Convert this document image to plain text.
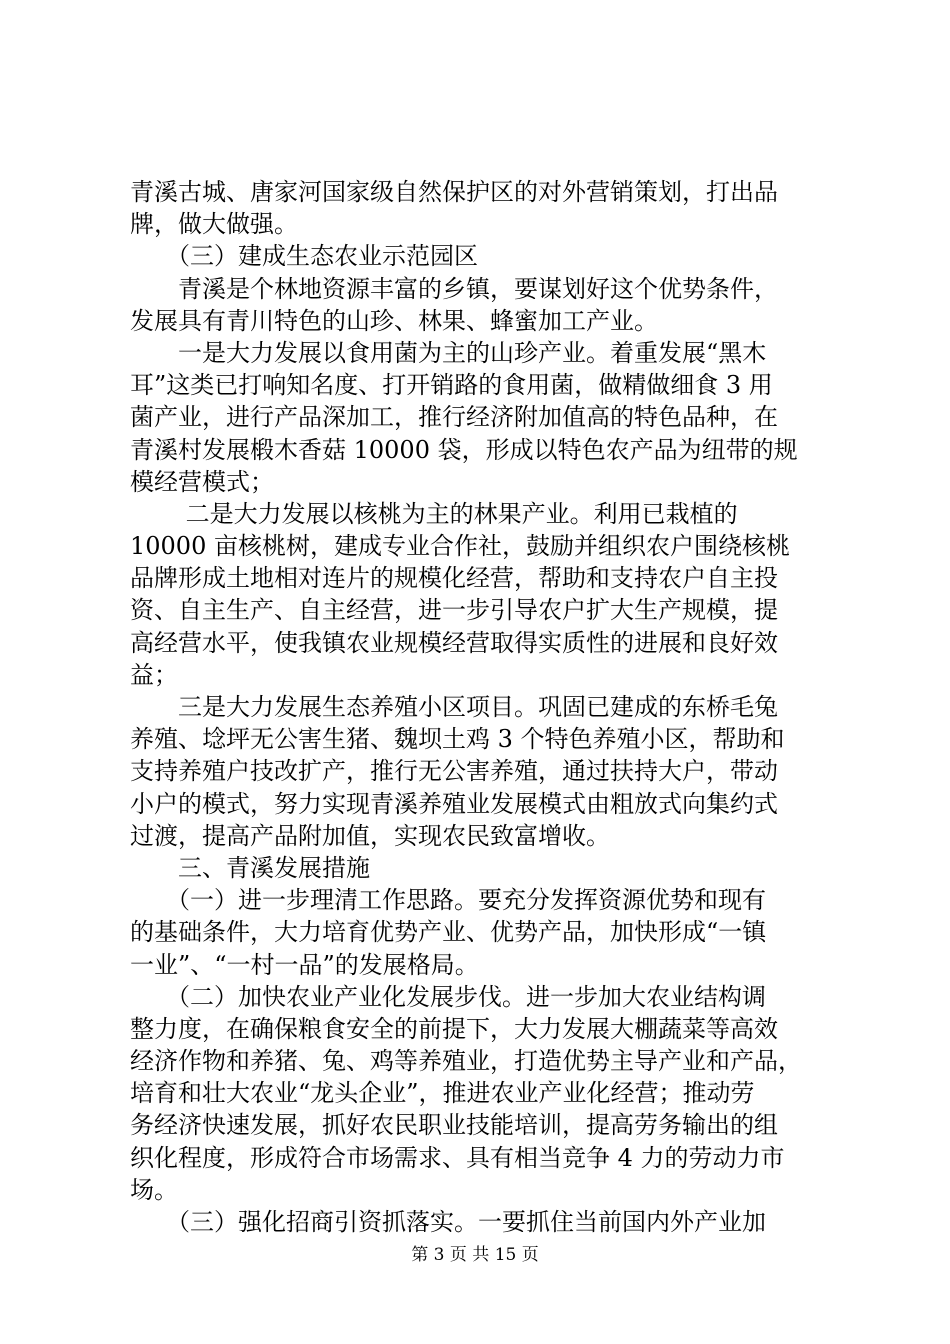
青溪古城、唐家河国家级自然保护区的对外营销策划，打出品
牌，做大做强。
　　（三）建成生态农业示范园区
　　青溪是个林地资源丰富的乡镇，要谋划好这个优势条件，
发展具有青川特色的山珍、林果、蜂蜜加工产业。
　　一是大力发展以食用菌为主的山珍产业。着重发展“黑木
耳”这类已打响知名度、打开销路的食用菌，做精做细食 3 用
菌产业，进行产品深加工，推行经济附加值高的特色品种，在
青溪村发展椴木香菇 10000 袋，形成以特色农产品为纽带的规
模经营模式；
　　 二是大力发展以核桃为主的林果产业。利用已栽植的
10000 亩核桃树，建成专业合作社，鼓励并组织农户围绕核桃
品牌形成土地相对连片的规模化经营，帮助和支持农户自主投
资、自主生产、自主经营，进一步引导农户扩大生产规模，提
高经营水平，使我镇农业规模经营取得实质性的进展和良好效
益；
　　三是大力发展生态养殖小区项目。巩固已建成的东桥毛兔
养殖、埝坪无公害生猪、魏坝土鸡 3 个特色养殖小区，帮助和
支持养殖户技改扩产，推行无公害养殖，通过扶持大户，带动
小户的模式，努力实现青溪养殖业发展模式由粗放式向集约式
过渡，提高产品附加值，实现农民致富增收。
　　三、青溪发展措施
　　（一）进一步理清工作思路。要充分发挥资源优势和现有
的基础条件，大力培育优势产业、优势产品，加快形成“一镇
一业”、“一村一品”的发展格局。
　　（二）加快农业产业化发展步伐。进一步加大农业结构调
整力度，在确保粮食安全的前提下，大力发展大棚蔬菜等高效
经济作物和养猪、兔、鸡等养殖业，打造优势主导产业和产品，
培育和壮大农业“龙头企业”，推进农业产业化经营；推动劳
务经济快速发展，抓好农民职业技能培训，提高劳务输出的组
织化程度，形成符合市场需求、具有相当竞争 4 力的劳动力市
场。
　　（三）强化招商引资抓落实。一要抓住当前国内外产业加
第 3 页 共 15 页
